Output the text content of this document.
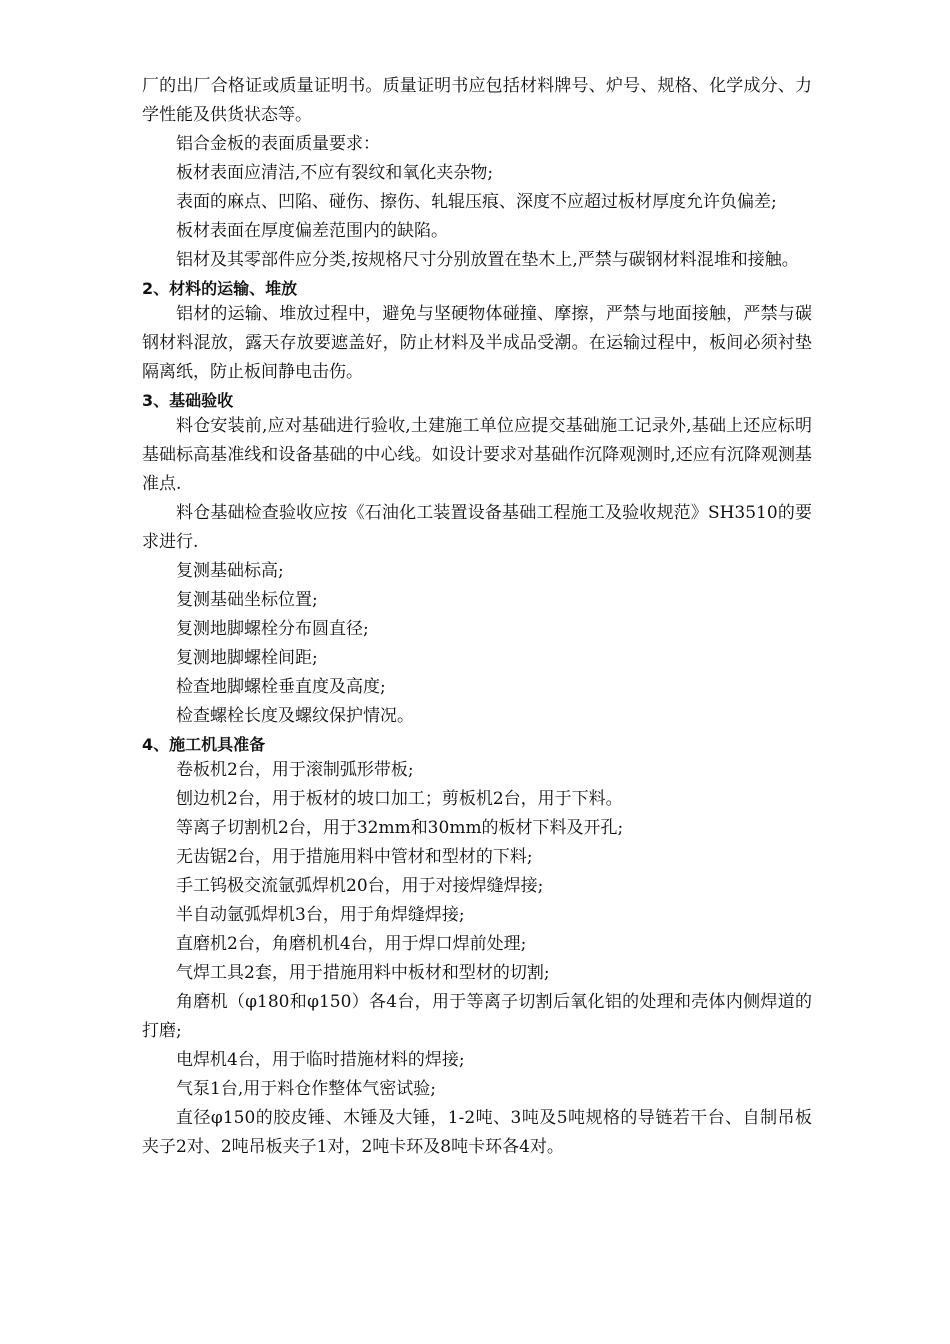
厂的出厂合格证或质量证明书。质量证明书应包括材料牌号、炉号、规格、化学成分、力学性能及供货状态等。

铝合金板的表面质量要求：

板材表面应清洁,不应有裂纹和氧化夹杂物;

表面的麻点、凹陷、碰伤、擦伤、轧辊压痕、深度不应超过板材厚度允许负偏差;

板材表面在厚度偏差范围内的缺陷。

铝材及其零部件应分类,按规格尺寸分别放置在垫木上,严禁与碳钢材料混堆和接触。

2、材料的运输、堆放

铝材的运输、堆放过程中，避免与坚硬物体碰撞、摩擦，严禁与地面接触，严禁与碳钢材料混放，露天存放要遮盖好，防止材料及半成品受潮。在运输过程中，板间必须衬垫隔离纸，防止板间静电击伤。

3、基础验收

料仓安装前,应对基础进行验收,土建施工单位应提交基础施工记录外,基础上还应标明基础标高基准线和设备基础的中心线。如设计要求对基础作沉降观测时,还应有沉降观测基准点.

料仓基础检查验收应按《石油化工装置设备基础工程施工及验收规范》SH3510的要求进行.

复测基础标高;

复测基础坐标位置;

复测地脚螺栓分布圆直径;

复测地脚螺栓间距;

检查地脚螺栓垂直度及高度;

检查螺栓长度及螺纹保护情况。

4、施工机具准备

卷板机2台，用于滚制弧形带板;

刨边机2台，用于板材的坡口加工；剪板机2台，用于下料。

等离子切割机2台，用于32mm和30mm的板材下料及开孔;

无齿锯2台，用于措施用料中管材和型材的下料;

手工钨极交流氩弧焊机20台，用于对接焊缝焊接;

半自动氩弧焊机3台，用于角焊缝焊接;

直磨机2台，角磨机机4台，用于焊口焊前处理;

气焊工具2套，用于措施用料中板材和型材的切割;

角磨机（φ180和φ150）各4台，用于等离子切割后氧化铝的处理和壳体内侧焊道的打磨;

电焊机4台，用于临时措施材料的焊接;

气泵1台,用于料仓作整体气密试验;

直径φ150的胶皮锤、木锤及大锤，1-2吨、3吨及5吨规格的导链若干台、自制吊板夹子2对、2吨吊板夹子1对，2吨卡环及8吨卡环各4对。
